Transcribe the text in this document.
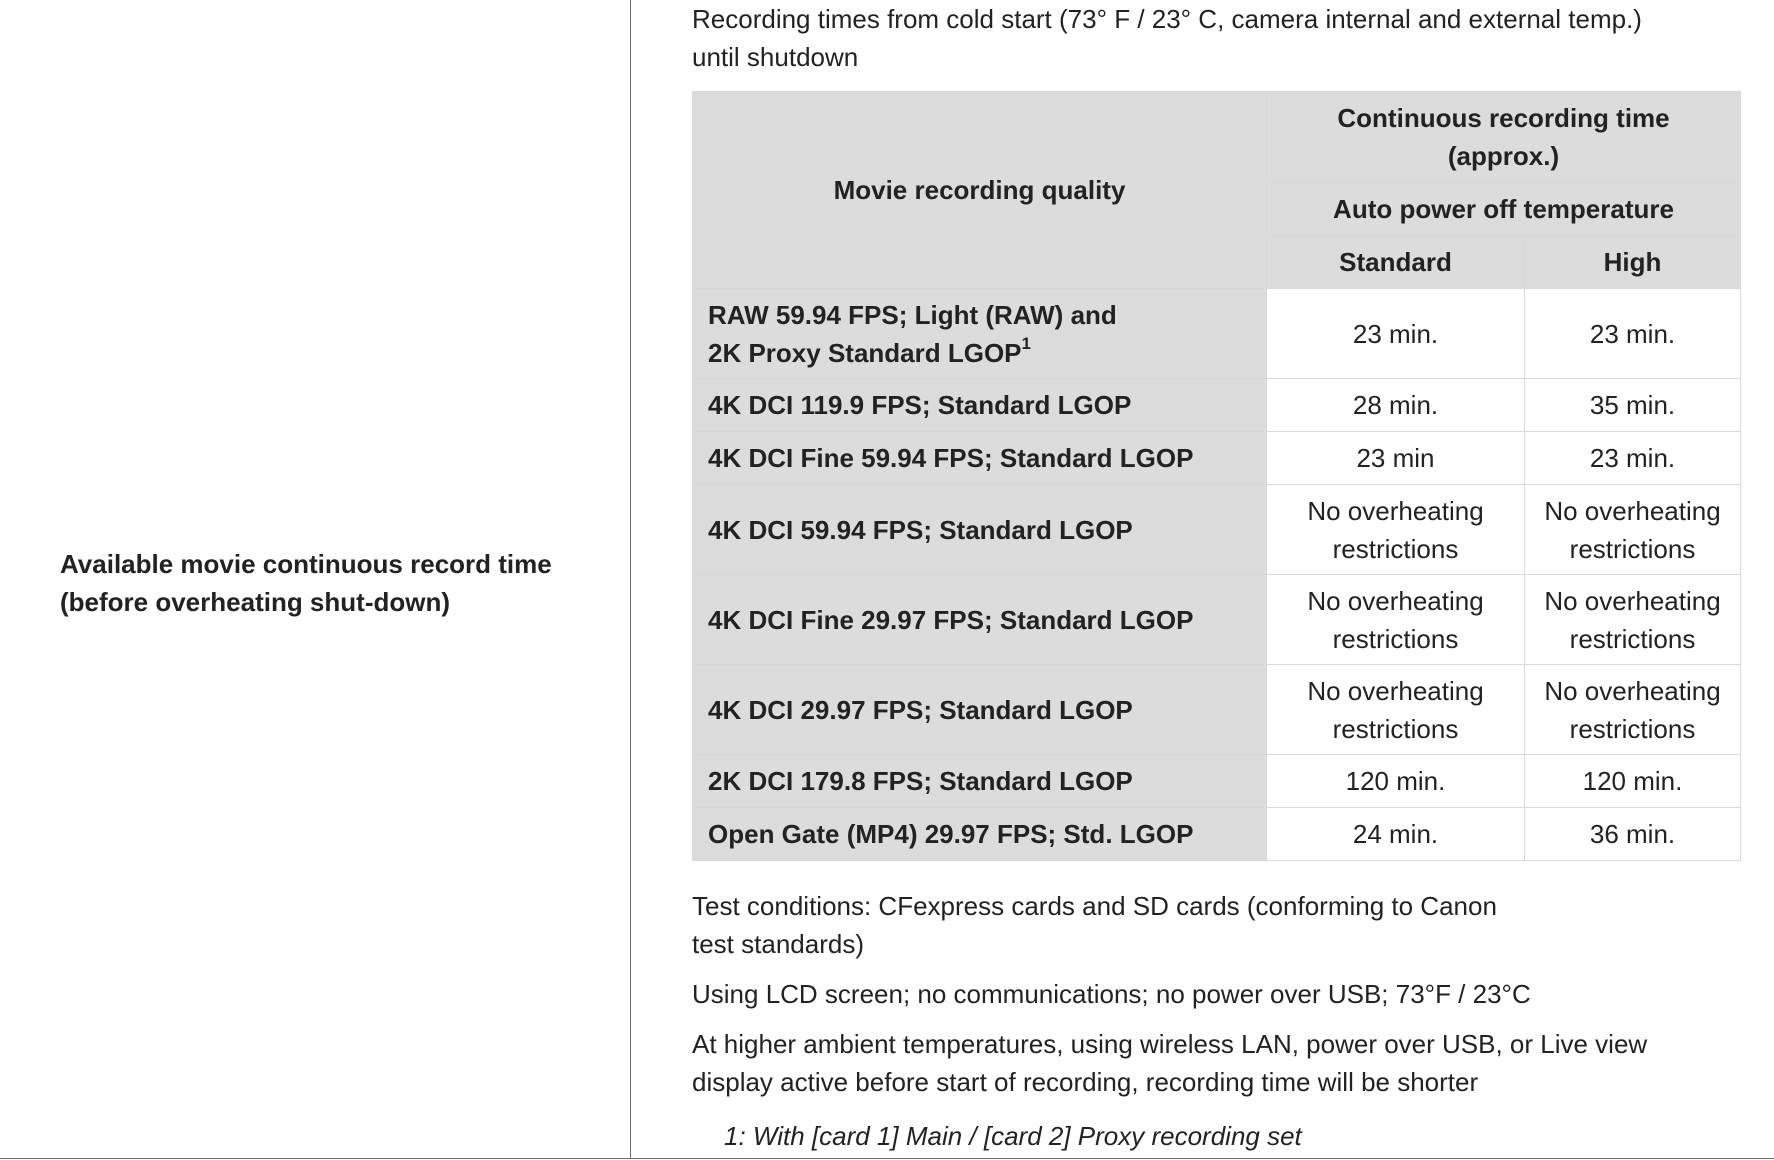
Available movie continuous record time
(before overheating shut-down)

Recording times from cold start (73° F / 23° C, camera internal and external temp.)
until shutdown

Movie recording quality	Continuous recording time
(approx.)	
	Auto power off temperature	
	Standard	High
RAW 59.94 FPS; Light (RAW) and
2K Proxy Standard LGOP$^1$	23 min.	23 min.
4K DCI 119.9 FPS; Standard LGOP	28 min.	35 min.
4K DCI Fine 59.94 FPS; Standard LGOP	23 min	23 min.
4K DCI 59.94 FPS; Standard LGOP	No overheating
restrictions	No overheating
restrictions
4K DCI Fine 29.97 FPS; Standard LGOP	No overheating
restrictions	No overheating
restrictions
4K DCI 29.97 FPS; Standard LGOP	No overheating
restrictions	No overheating
restrictions
2K DCI 179.8 FPS; Standard LGOP	120 min.	120 min.
Open Gate (MP4) 29.97 FPS; Std. LGOP	24 min.	36 min.

Test conditions: CFexpress cards and SD cards (conforming to Canon
test standards)

Using LCD screen; no communications; no power over USB; 73°F / 23°C

At higher ambient temperatures, using wireless LAN, power over USB, or Live view
display active before start of recording, recording time will be shorter

1: With [card 1] Main / [card 2] Proxy recording set
